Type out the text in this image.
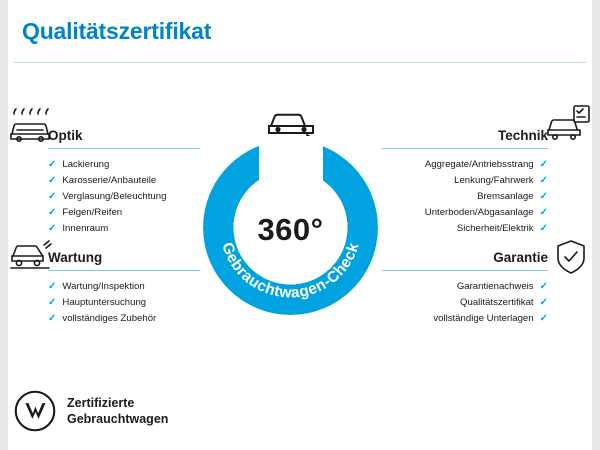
Qualitätszertifikat
Gebrauchtwagen-Check
360°
Optik
✓ Lackierung
✓ Karosserie/Anbauteile
✓ Verglasung/Beleuchtung
✓ Felgen/Reifen
✓ Innenraum
Wartung
✓ Wartung/Inspektion
✓ Hauptuntersuchung
✓ vollständiges Zubehör
Technik
Aggregate/Antriebsstrang ✓
Lenkung/Fahrwerk ✓
Bremsanlage ✓
Unterboden/Abgasanlage ✓
Sicherheit/Elektrik ✓
Garantie
Garantienachweis ✓
Qualitätszertifikat ✓
vollständige Unterlagen ✓
Zertifizierte
Gebrauchtwagen
